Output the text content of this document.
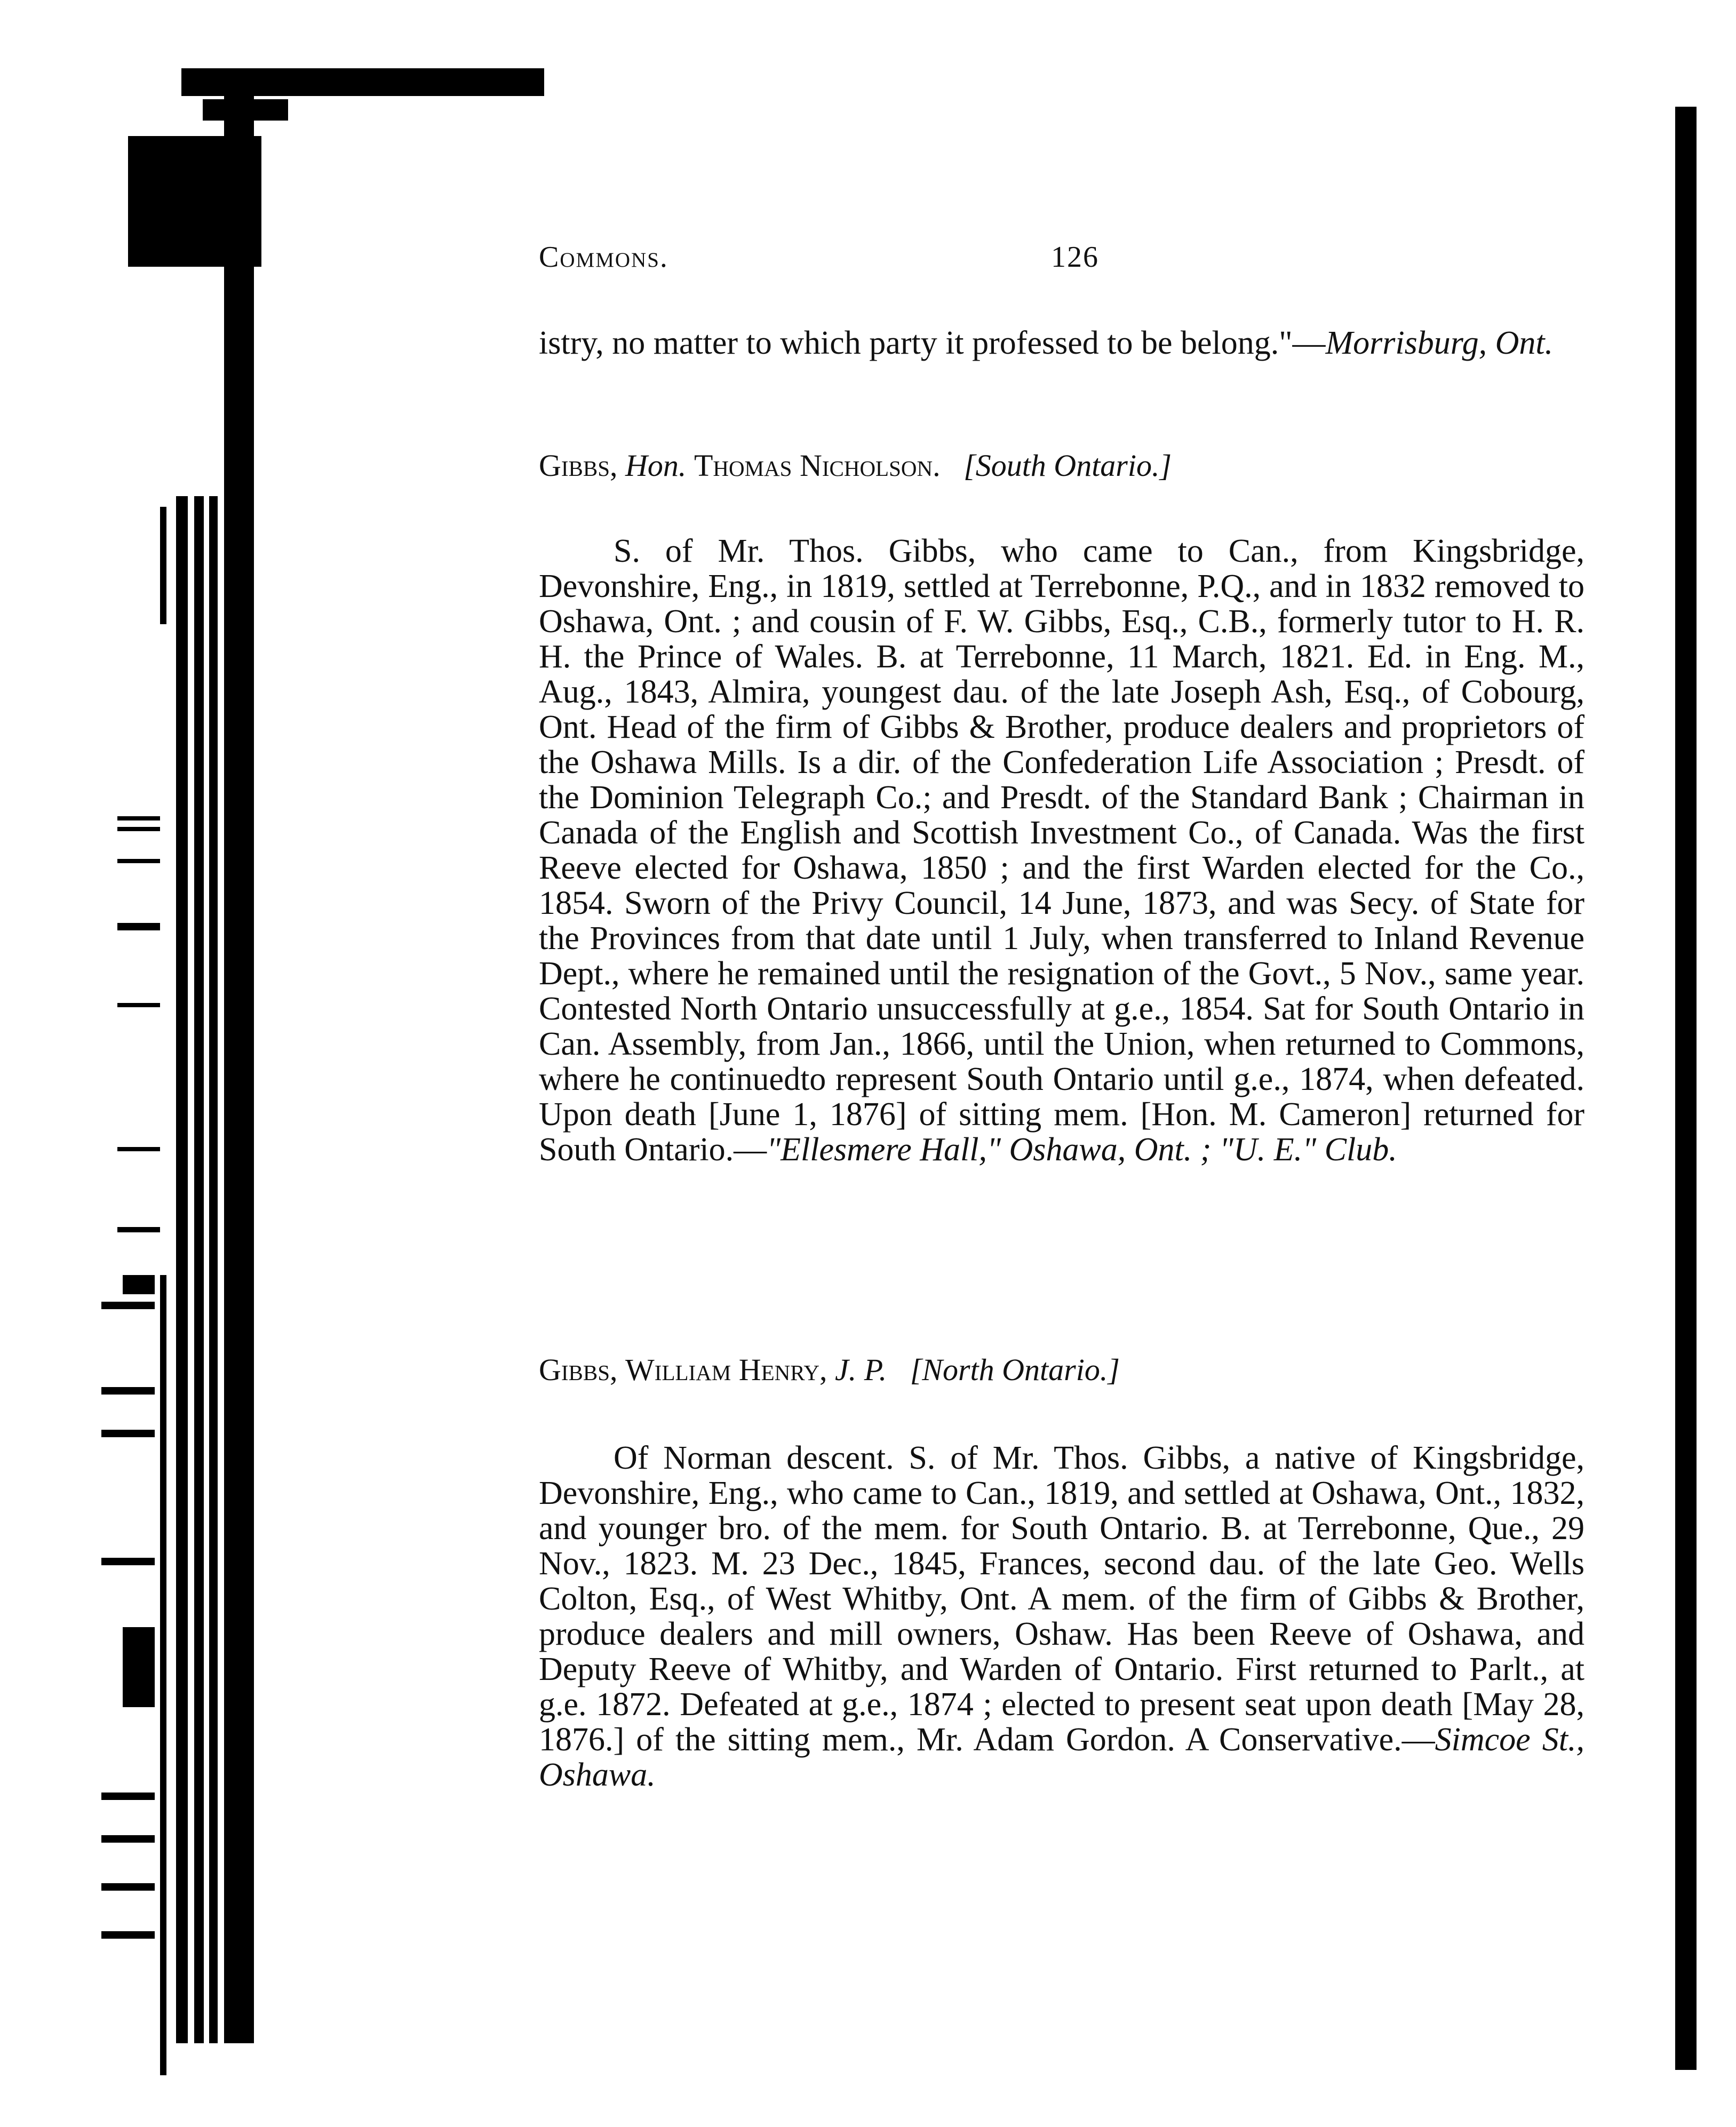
Commons.	126

istry, no matter to which party it professed to be belong."—Morrisburg, Ont.

Gibbs, Hon. Thomas Nicholson. [South Ontario.]

S. of Mr. Thos. Gibbs, who came to Can., from Kingsbridge, Devonshire, Eng., in 1819, settled at Terrebonne, P.Q., and in 1832 removed to Oshawa, Ont. ; and cousin of F. W. Gibbs, Esq., C.B., formerly tutor to H. R. H. the Prince of Wales. B. at Terrebonne, 11 March, 1821. Ed. in Eng. M., Aug., 1843, Almira, youngest dau. of the late Joseph Ash, Esq., of Cobourg, Ont. Head of the firm of Gibbs & Brother, produce dealers and proprietors of the Oshawa Mills. Is a dir. of the Confederation Life Association ; Presdt. of the Dominion Telegraph Co.; and Presdt. of the Standard Bank ; Chairman in Canada of the English and Scottish Investment Co., of Canada. Was the first Reeve elected for Oshawa, 1850 ; and the first Warden elected for the Co., 1854. Sworn of the Privy Council, 14 June, 1873, and was Secy. of State for the Provinces from that date until 1 July, when transferred to Inland Revenue Dept., where he remained until the resignation of the Govt., 5 Nov., same year. Contested North Ontario unsuccessfully at g.e., 1854. Sat for South Ontario in Can. Assembly, from Jan., 1866, until the Union, when returned to Commons, where he continuedto represent South Ontario until g.e., 1874, when defeated. Upon death [June 1, 1876] of sitting mem. [Hon. M. Cameron] returned for South Ontario.—"Ellesmere Hall," Oshawa, Ont. ; "U. E." Club.

Gibbs, William Henry, J. P. [North Ontario.]

Of Norman descent. S. of Mr. Thos. Gibbs, a native of Kingsbridge, Devonshire, Eng., who came to Can., 1819, and settled at Oshawa, Ont., 1832, and younger bro. of the mem. for South Ontario. B. at Terrebonne, Que., 29 Nov., 1823. M. 23 Dec., 1845, Frances, second dau. of the late Geo. Wells Colton, Esq., of West Whitby, Ont. A mem. of the firm of Gibbs & Brother, produce dealers and mill owners, Oshaw. Has been Reeve of Oshawa, and Deputy Reeve of Whitby, and Warden of Ontario. First returned to Parlt., at g.e. 1872. Defeated at g.e., 1874 ; elected to present seat upon death [May 28, 1876.] of the sitting mem., Mr. Adam Gordon. A Conservative.—Simcoe St., Oshawa.
